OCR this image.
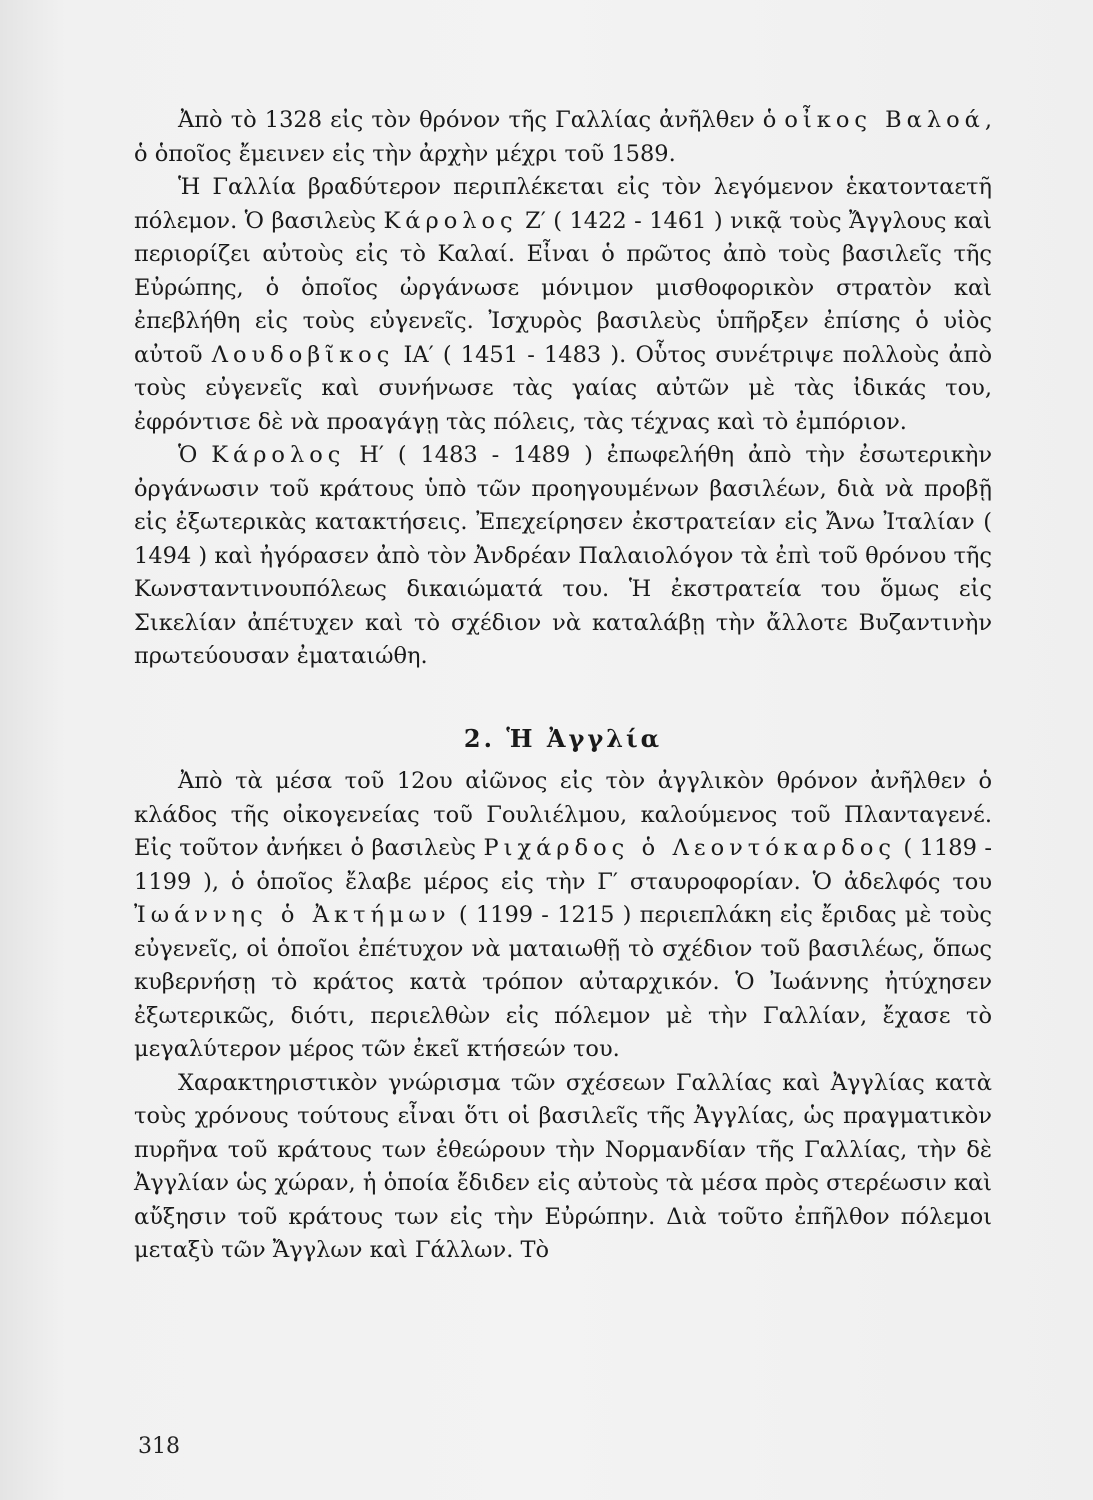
Ἀπὸ τὸ 1328 εἰς τὸν θρόνον τῆς Γαλλίας ἀνῆλθεν ὁ οἶκος Βαλοά, ὁ ὁποῖος ἔμεινεν εἰς τὴν ἀρχὴν μέχρι τοῦ 1589.

Ἡ Γαλλία βραδύτερον περιπλέκεται εἰς τὸν λεγόμενον ἑκατονταετῆ πόλεμον. Ὁ βασιλεὺς Κάρολος Ζ′ ( 1422 - 1461 ) νικᾷ τοὺς Ἄγγλους καὶ περιορίζει αὐτοὺς εἰς τὸ Καλαί. Εἶναι ὁ πρῶτος ἀπὸ τοὺς βασιλεῖς τῆς Εὐρώπης, ὁ ὁποῖος ὠργάνωσε μόνιμον μισθοφορικὸν στρατὸν καὶ ἐπεβλήθη εἰς τοὺς εὐγενεῖς. Ἰσχυρὸς βασιλεὺς ὑπῆρξεν ἐπίσης ὁ υἱὸς αὐτοῦ Λουδοβῖκος ΙΑ′ ( 1451 - 1483 ). Οὗτος συνέτριψε πολλοὺς ἀπὸ τοὺς εὐγενεῖς καὶ συνήνωσε τὰς γαίας αὐτῶν μὲ τὰς ἰδικάς του, ἐφρόντισε δὲ νὰ προαγάγῃ τὰς πόλεις, τὰς τέχνας καὶ τὸ ἐμπόριον.

Ὁ Κάρολος Η′ ( 1483 - 1489 ) ἐπωφελήθη ἀπὸ τὴν ἐσωτερικὴν ὀργάνωσιν τοῦ κράτους ὑπὸ τῶν προηγουμένων βασιλέων, διὰ νὰ προβῇ εἰς ἐξωτερικὰς κατακτήσεις. Ἐπεχείρησεν ἐκστρατείαν εἰς Ἄνω Ἰταλίαν ( 1494 ) καὶ ἠγόρασεν ἀπὸ τὸν Ἀνδρέαν Παλαιολόγον τὰ ἐπὶ τοῦ θρόνου τῆς Κωνσταντινουπόλεως δικαιώματά του. Ἡ ἐκστρατεία του ὅμως εἰς Σικελίαν ἀπέτυχεν καὶ τὸ σχέδιον νὰ καταλάβῃ τὴν ἄλλοτε Βυζαντινὴν πρωτεύουσαν ἐματαιώθη.

2. Ἡ Ἀγγλία

Ἀπὸ τὰ μέσα τοῦ 12ου αἰῶνος εἰς τὸν ἀγγλικὸν θρόνον ἀνῆλθεν ὁ κλάδος τῆς οἰκογενείας τοῦ Γουλιέλμου, καλούμενος τοῦ Πλανταγενέ. Εἰς τοῦτον ἀνήκει ὁ βασιλεὺς Ριχάρδος ὁ Λεοντόκαρδος ( 1189 - 1199 ), ὁ ὁποῖος ἔλαβε μέρος εἰς τὴν Γ′ σταυροφορίαν. Ὁ ἀδελφός του Ἰωάννης ὁ Ἀκτήμων ( 1199 - 1215 ) περιεπλάκη εἰς ἔριδας μὲ τοὺς εὐγενεῖς, οἱ ὁποῖοι ἐπέτυχον νὰ ματαιωθῇ τὸ σχέδιον τοῦ βασιλέως, ὅπως κυβερνήσῃ τὸ κράτος κατὰ τρόπον αὐταρχικόν. Ὁ Ἰωάννης ἠτύχησεν ἐξωτερικῶς, διότι, περιελθὼν εἰς πόλεμον μὲ τὴν Γαλλίαν, ἔχασε τὸ μεγαλύτερον μέρος τῶν ἐκεῖ κτήσεών του.

Χαρακτηριστικὸν γνώρισμα τῶν σχέσεων Γαλλίας καὶ Ἀγγλίας κατὰ τοὺς χρόνους τούτους εἶναι ὅτι οἱ βασιλεῖς τῆς Ἀγγλίας, ὡς πραγματικὸν πυρῆνα τοῦ κράτους των ἐθεώρουν τὴν Νορμανδίαν τῆς Γαλλίας, τὴν δὲ Ἀγγλίαν ὡς χώραν, ἡ ὁποία ἔδιδεν εἰς αὐτοὺς τὰ μέσα πρὸς στερέωσιν καὶ αὔξησιν τοῦ κράτους των εἰς τὴν Εὐρώπην. Διὰ τοῦτο ἐπῆλθον πόλεμοι μεταξὺ τῶν Ἄγγλων καὶ Γάλλων. Τὸ

318
